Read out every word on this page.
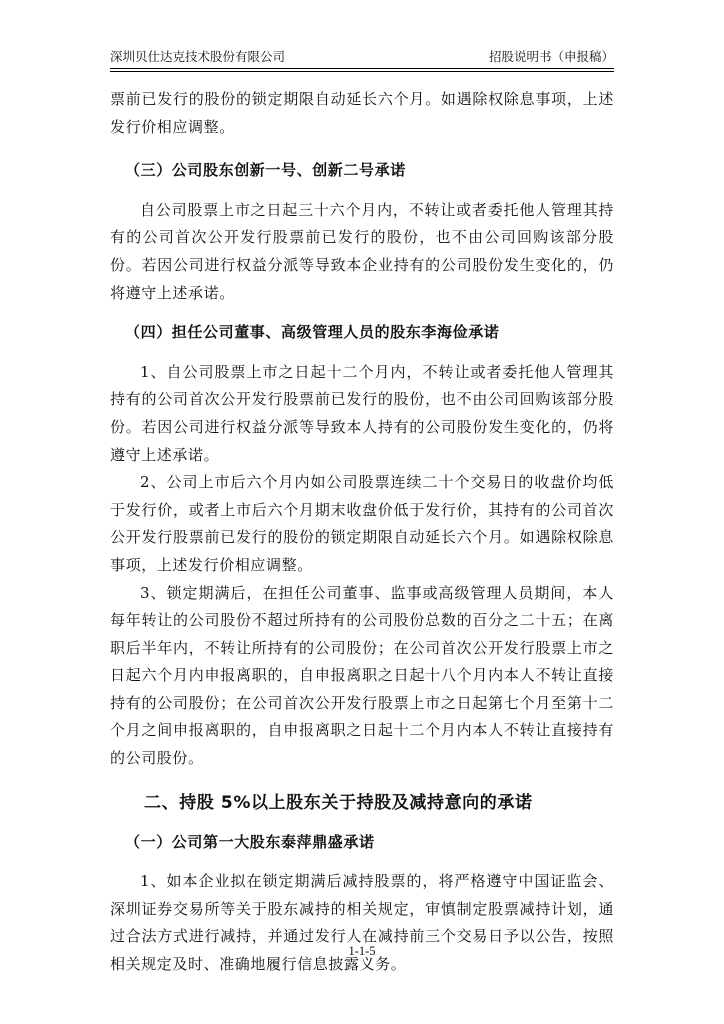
深圳贝仕达克技术股份有限公司	招股说明书（申报稿）

票前已发行的股份的锁定期限自动延长六个月。如遇除权除息事项，上述发行价相应调整。

（三）公司股东创新一号、创新二号承诺

自公司股票上市之日起三十六个月内，不转让或者委托他人管理其持有的公司首次公开发行股票前已发行的股份，也不由公司回购该部分股份。若因公司进行权益分派等导致本企业持有的公司股份发生变化的，仍将遵守上述承诺。

（四）担任公司董事、高级管理人员的股东李海俭承诺

1、自公司股票上市之日起十二个月内，不转让或者委托他人管理其持有的公司首次公开发行股票前已发行的股份，也不由公司回购该部分股份。若因公司进行权益分派等导致本人持有的公司股份发生变化的，仍将遵守上述承诺。

2、公司上市后六个月内如公司股票连续二十个交易日的收盘价均低于发行价，或者上市后六个月期末收盘价低于发行价，其持有的公司首次公开发行股票前已发行的股份的锁定期限自动延长六个月。如遇除权除息事项，上述发行价相应调整。

3、锁定期满后，在担任公司董事、监事或高级管理人员期间，本人每年转让的公司股份不超过所持有的公司股份总数的百分之二十五；在离职后半年内，不转让所持有的公司股份；在公司首次公开发行股票上市之日起六个月内申报离职的，自申报离职之日起十八个月内本人不转让直接持有的公司股份；在公司首次公开发行股票上市之日起第七个月至第十二个月之间申报离职的，自申报离职之日起十二个月内本人不转让直接持有的公司股份。

二、持股 5%以上股东关于持股及减持意向的承诺
（一）公司第一大股东泰萍鼎盛承诺

1、如本企业拟在锁定期满后减持股票的，将严格遵守中国证监会、深圳证券交易所等关于股东减持的相关规定，审慎制定股票减持计划，通过合法方式进行减持，并通过发行人在减持前三个交易日予以公告，按照相关规定及时、准确地履行信息披露义务。

1-1-5
